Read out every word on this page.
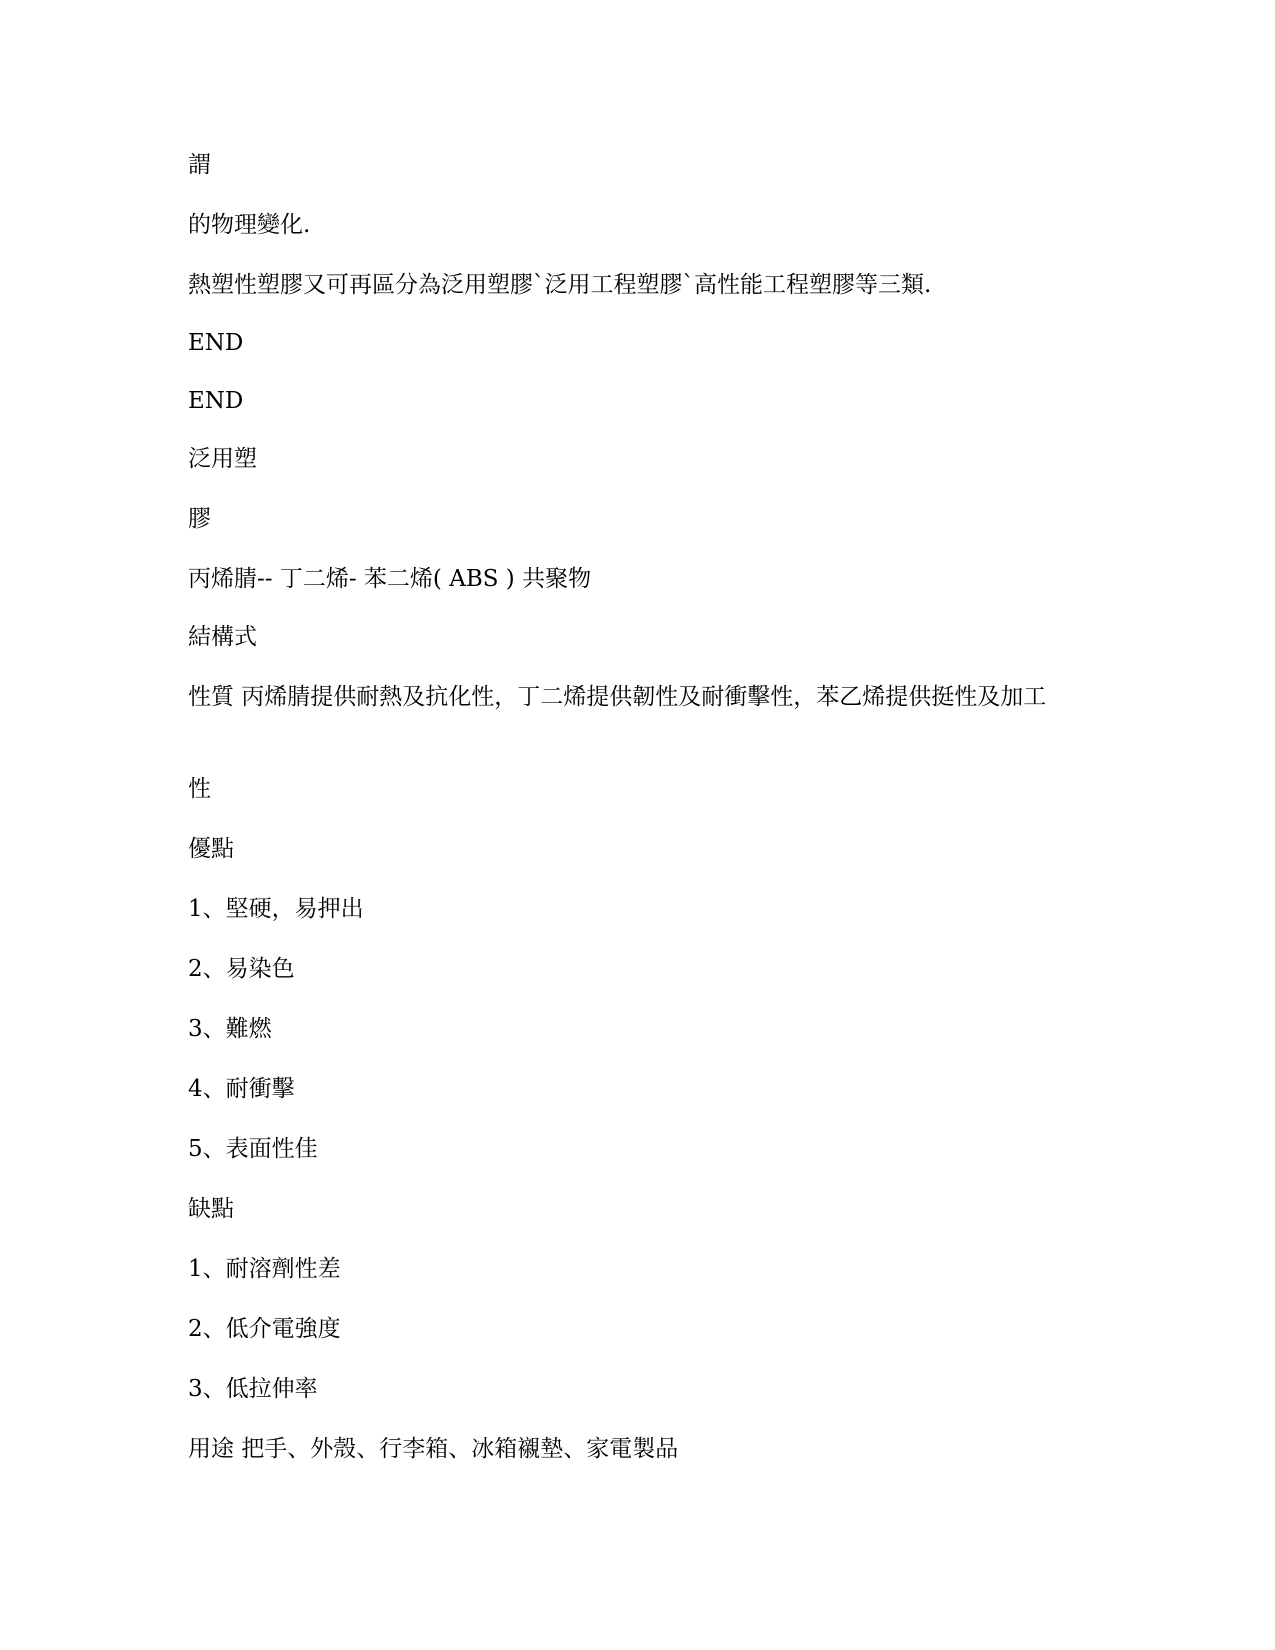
謂

的物理變化.

熱塑性塑膠又可再區分為泛用塑膠`泛用工程塑膠`高性能工程塑膠等三類.

END

END

泛用塑

膠

丙烯腈-- 丁二烯- 苯二烯( ABS ) 共聚物

結構式

性質 丙烯腈提供耐熱及抗化性，丁二烯提供韌性及耐衝擊性，苯乙烯提供挺性及加工

性

優點

1、堅硬，易押出

2、易染色

3、難燃

4、耐衝擊

5、表面性佳

缺點

1、耐溶劑性差

2、低介電強度

3、低拉伸率

用途 把手、外殼、行李箱、冰箱襯墊、家電製品
